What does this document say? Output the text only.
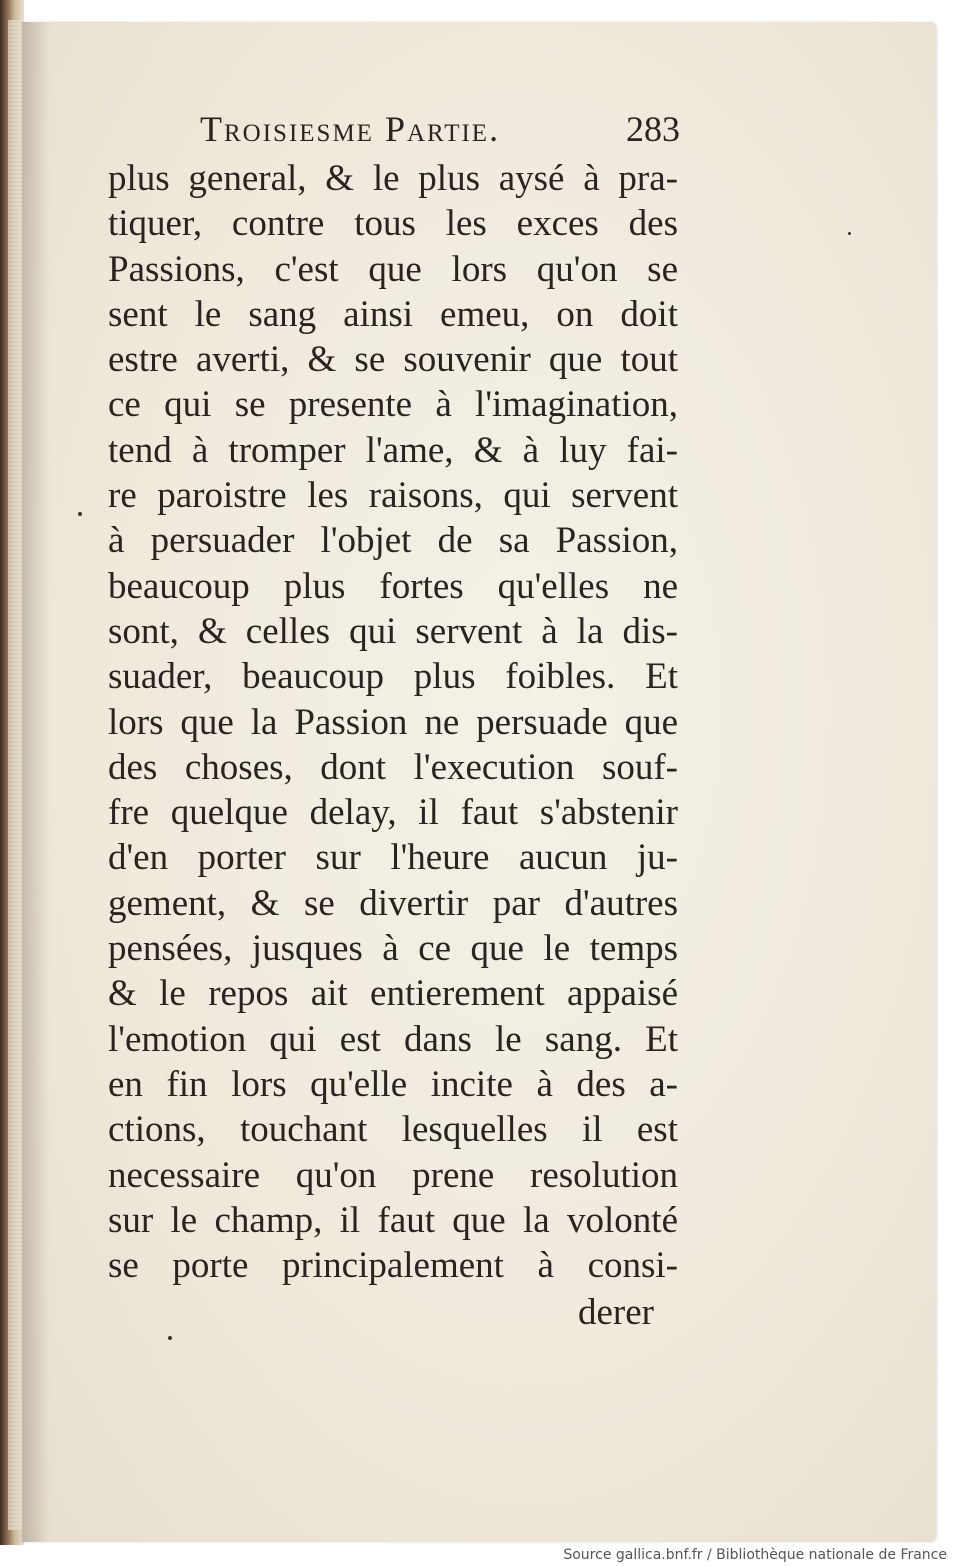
Troisiesme Partie.	283
plus general, & le plus aysé à pra-
tiquer, contre tous les exces des
Passions, c'est que lors qu'on se
sent le sang ainsi emeu, on doit
estre averti, & se souvenir que tout
ce qui se presente à l'imagination,
tend à tromper l'ame, & à luy fai-
re paroistre les raisons, qui servent
à persuader l'objet de sa Passion,
beaucoup plus fortes qu'elles ne
sont, & celles qui servent à la dis-
suader, beaucoup plus foibles. Et
lors que la Passion ne persuade que
des choses, dont l'execution souf-
fre quelque delay, il faut s'abstenir
d'en porter sur l'heure aucun ju-
gement, & se divertir par d'autres
pensées, jusques à ce que le temps
& le repos ait entierement appaisé
l'emotion qui est dans le sang. Et
en fin lors qu'elle incite à des a-
ctions, touchant lesquelles il est
necessaire qu'on prene resolution
sur le champ, il faut que la volonté
se porte principalement à consi-
derer
Source gallica.bnf.fr / Bibliothèque nationale de France
